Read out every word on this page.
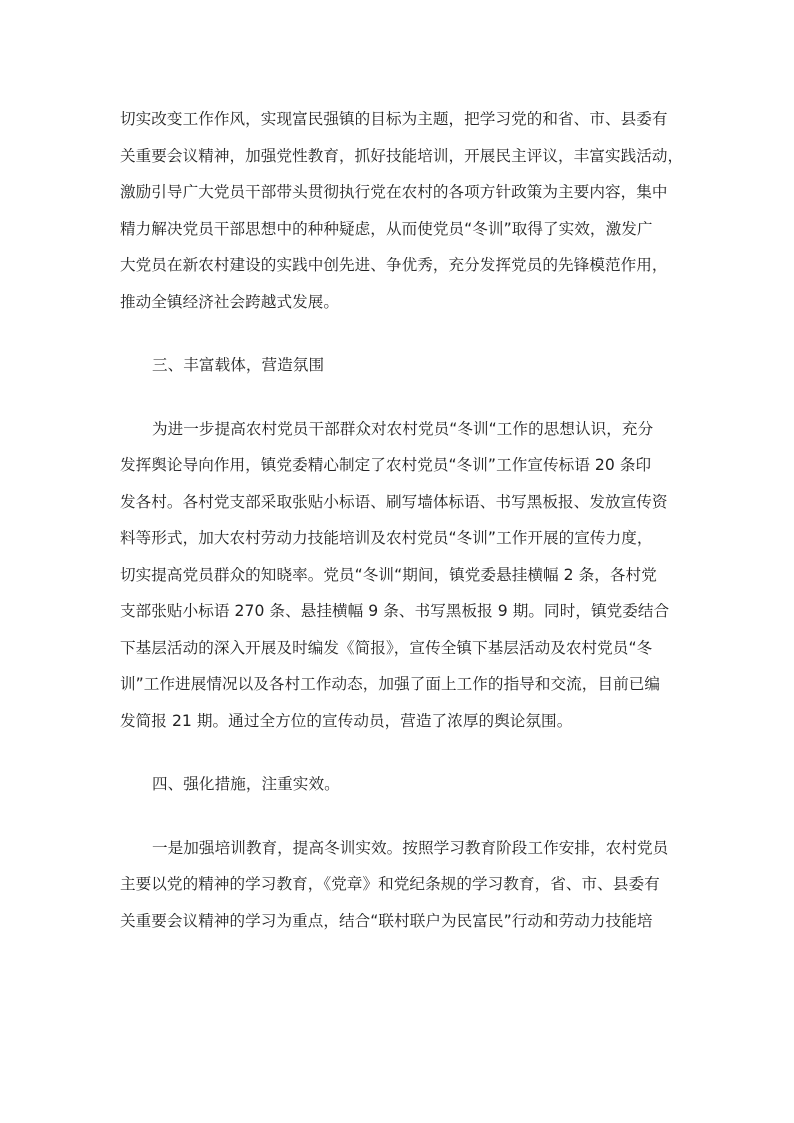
切实改变工作作风，实现富民强镇的目标为主题，把学习党的和省、市、县委有
关重要会议精神，加强党性教育，抓好技能培训，开展民主评议，丰富实践活动，
激励引导广大党员干部带头贯彻执行党在农村的各项方针政策为主要内容，集中
精力解决党员干部思想中的种种疑虑，从而使党员“冬训”取得了实效，激发广
大党员在新农村建设的实践中创先进、争优秀，充分发挥党员的先锋模范作用，
推动全镇经济社会跨越式发展。
三、丰富载体，营造氛围
为进一步提高农村党员干部群众对农村党员“冬训“工作的思想认识，充分
发挥舆论导向作用，镇党委精心制定了农村党员“冬训”工作宣传标语 20 条印
发各村。各村党支部采取张贴小标语、刷写墙体标语、书写黑板报、发放宣传资
料等形式，加大农村劳动力技能培训及农村党员“冬训”工作开展的宣传力度，
切实提高党员群众的知晓率。党员“冬训“期间，镇党委悬挂横幅 2 条，各村党
支部张贴小标语 270 条、悬挂横幅 9 条、书写黑板报 9 期。同时，镇党委结合
下基层活动的深入开展及时编发《简报》，宣传全镇下基层活动及农村党员“冬
训”工作进展情况以及各村工作动态，加强了面上工作的指导和交流，目前已编
发简报 21 期。通过全方位的宣传动员，营造了浓厚的舆论氛围。
四、强化措施，注重实效。
一是加强培训教育，提高冬训实效。按照学习教育阶段工作安排，农村党员
主要以党的精神的学习教育，《党章》和党纪条规的学习教育，省、市、县委有
关重要会议精神的学习为重点，结合“联村联户为民富民”行动和劳动力技能培
